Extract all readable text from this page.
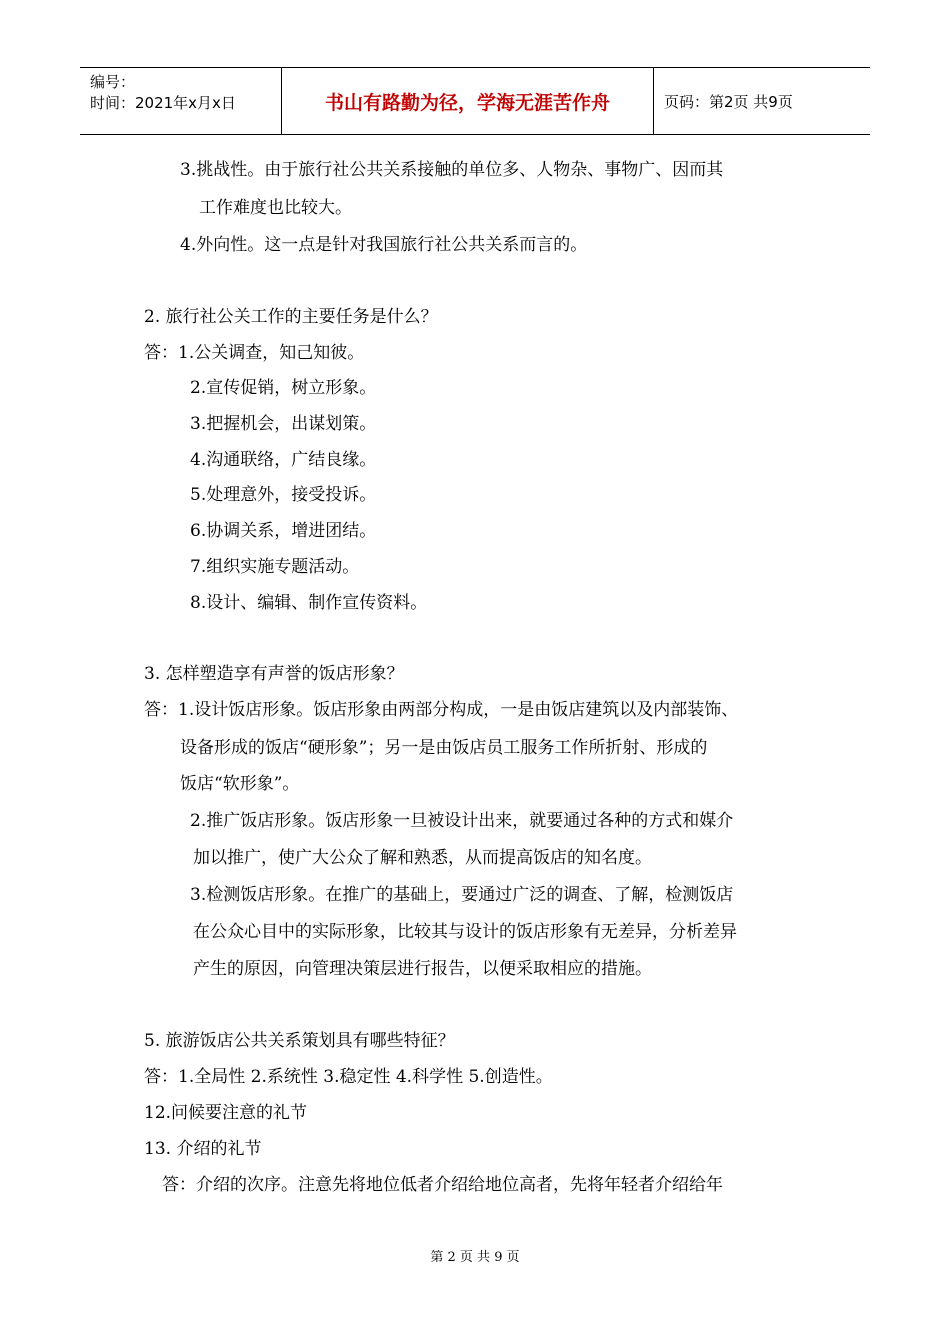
编号：
时间：2021年x月x日	书山有路勤为径，学海无涯苦作舟	页码：第2页 共9页
3.挑战性。由于旅行社公共关系接触的单位多、人物杂、事物广、因而其
工作难度也比较大。
4.外向性。这一点是针对我国旅行社公共关系而言的。
2. 旅行社公关工作的主要任务是什么？
答：1.公关调查，知己知彼。
2.宣传促销，树立形象。
3.把握机会，出谋划策。
4.沟通联络，广结良缘。
5.处理意外，接受投诉。
6.协调关系，增进团结。
7.组织实施专题活动。
8.设计、编辑、制作宣传资料。
3. 怎样塑造享有声誉的饭店形象？
答：1.设计饭店形象。饭店形象由两部分构成，一是由饭店建筑以及内部装饰、
设备形成的饭店“硬形象”；另一是由饭店员工服务工作所折射、形成的
饭店“软形象”。
2.推广饭店形象。饭店形象一旦被设计出来，就要通过各种的方式和媒介
加以推广，使广大公众了解和熟悉，从而提高饭店的知名度。
3.检测饭店形象。在推广的基础上，要通过广泛的调查、了解，检测饭店
在公众心目中的实际形象，比较其与设计的饭店形象有无差异，分析差异
产生的原因，向管理决策层进行报告，以便采取相应的措施。
5. 旅游饭店公共关系策划具有哪些特征？
答：1.全局性 2.系统性 3.稳定性 4.科学性 5.创造性。
12.问候要注意的礼节
13. 介绍的礼节
答：介绍的次序。注意先将地位低者介绍给地位高者，先将年轻者介绍给年
第 2 页 共 9 页
